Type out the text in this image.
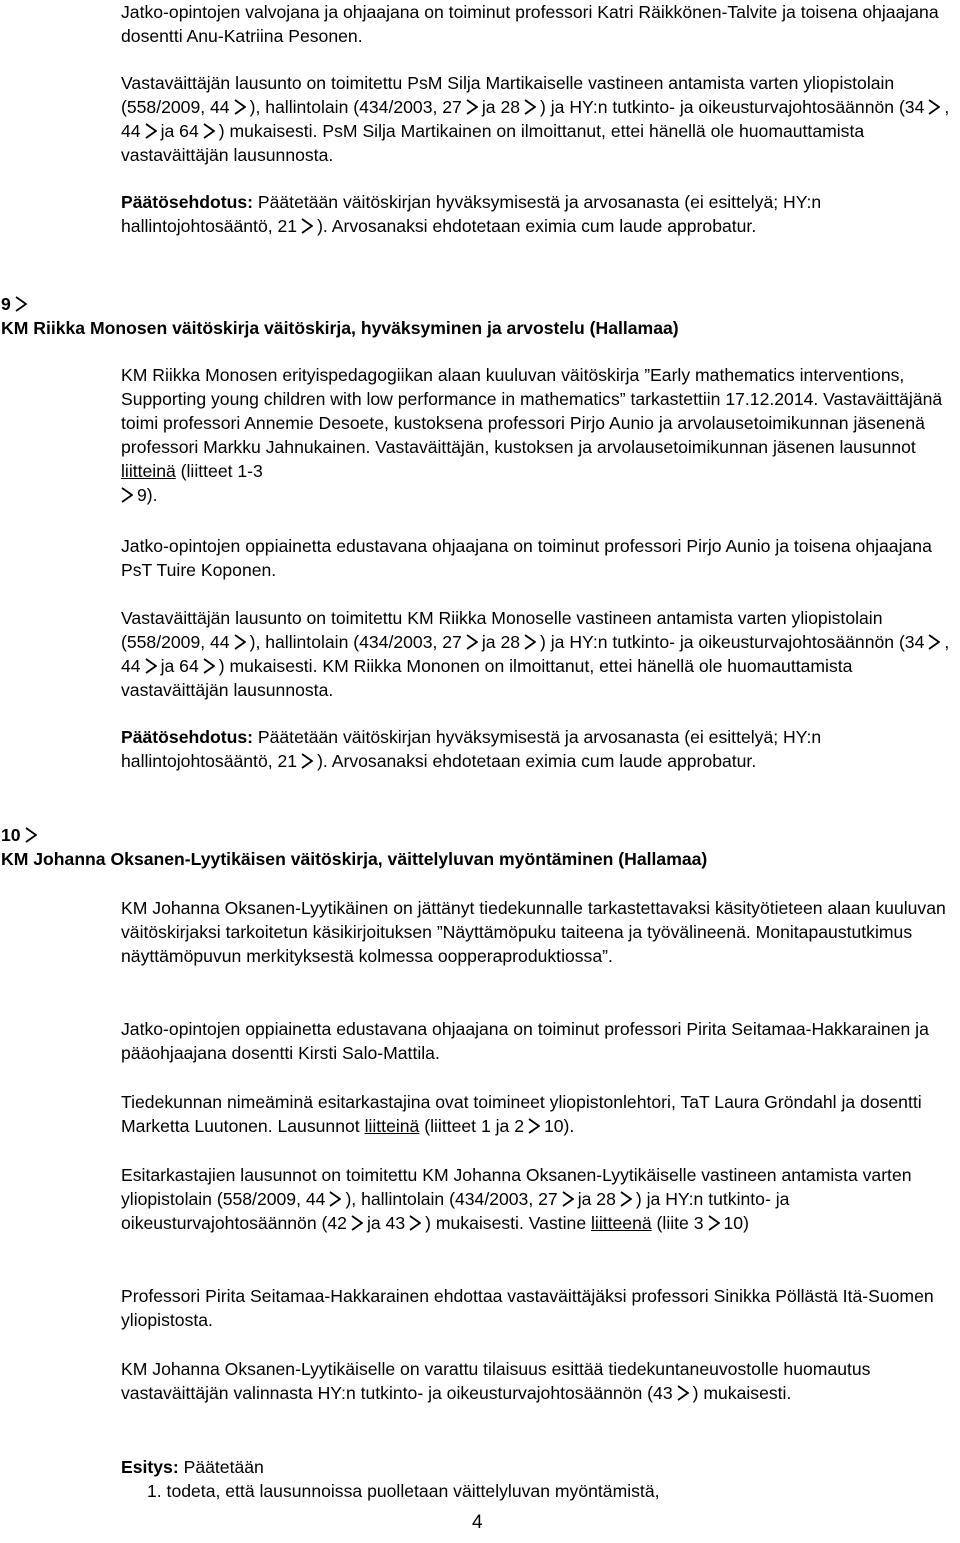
Jatko-opintojen valvojana ja ohjaajana on toiminut professori Katri Räikkönen-Talvite ja toisena ohjaajana dosentti Anu-Katriina Pesonen.

Vastaväittäjän lausunto on toimitettu PsM Silja Martikaiselle vastineen antamista varten yliopistolain (558/2009, 44 ), hallintolain (434/2003, 27 ja 28 ) ja HY:n tutkinto- ja oikeusturvajohtosäännön (34 , 44 ja 64 ) mukaisesti. PsM Silja Martikainen on ilmoittanut, ettei hänellä ole huomauttamista vastaväittäjän lausunnosta.

Päätösehdotus: Päätetään väitöskirjan hyväksymisestä ja arvosanasta (ei esittelyä; HY:n hallintojohtosääntö, 21 ). Arvosanaksi ehdotetaan eximia cum laude approbatur.

9
KM Riikka Monosen väitöskirja väitöskirja, hyväksyminen ja arvostelu (Hallamaa)

KM Riikka Monosen erityispedagogiikan alaan kuuluvan väitöskirja ”Early mathematics interventions, Supporting young children with low performance in mathematics” tarkastettiin 17.12.2014. Vastaväittäjänä toimi professori Annemie Desoete, kustoksena professori Pirjo Aunio ja arvolausetoimikunnan jäsenenä professori Markku Jahnukainen. Vastaväittäjän, kustoksen ja arvolausetoimikunnan jäsenen lausunnot liitteinä (liitteet 1-3

9).

Jatko-opintojen oppiainetta edustavana ohjaajana on toiminut professori Pirjo Aunio ja toisena ohjaajana PsT Tuire Koponen.

Vastaväittäjän lausunto on toimitettu KM Riikka Monoselle vastineen antamista varten yliopistolain (558/2009, 44 ), hallintolain (434/2003, 27 ja 28 ) ja HY:n tutkinto- ja oikeusturvajohtosäännön (34 , 44 ja 64 ) mukaisesti. KM Riikka Mononen on ilmoittanut, ettei hänellä ole huomauttamista vastaväittäjän lausunnosta.

Päätösehdotus: Päätetään väitöskirjan hyväksymisestä ja arvosanasta (ei esittelyä; HY:n hallintojohtosääntö, 21 ). Arvosanaksi ehdotetaan eximia cum laude approbatur.

10
KM Johanna Oksanen-Lyytikäisen väitöskirja, väittelyluvan myöntäminen (Hallamaa)

KM Johanna Oksanen-Lyytikäinen on jättänyt tiedekunnalle tarkastettavaksi käsityötieteen alaan kuuluvan väitöskirjaksi tarkoitetun käsikirjoituksen ”Näyttämöpuku taiteena ja työvälineenä. Monitapaustutkimus näyttämöpuvun merkityksestä kolmessa oopperaproduktiossa”.

Jatko-opintojen oppiainetta edustavana ohjaajana on toiminut professori Pirita Seitamaa-Hakkarainen ja pääohjaajana dosentti Kirsti Salo-Mattila.

Tiedekunnan nimeäminä esitarkastajina ovat toimineet yliopistonlehtori, TaT Laura Gröndahl ja dosentti Marketta Luutonen. Lausunnot liitteinä (liitteet 1 ja 2 10).

Esitarkastajien lausunnot on toimitettu KM Johanna Oksanen-Lyytikäiselle vastineen antamista varten yliopistolain (558/2009, 44 ), hallintolain (434/2003, 27 ja 28 ) ja HY:n tutkinto- ja oikeusturvajohtosäännön (42 ja 43 ) mukaisesti. Vastine liitteenä (liite 3 10)

Professori Pirita Seitamaa-Hakkarainen ehdottaa vastaväittäjäksi professori Sinikka Pöllästä Itä-Suomen yliopistosta.

KM Johanna Oksanen-Lyytikäiselle on varattu tilaisuus esittää tiedekuntaneuvostolle huomautus vastaväittäjän valinnasta HY:n tutkinto- ja oikeusturvajohtosäännön (43 ) mukaisesti.

Esitys: Päätetään

1. todeta, että lausunnoissa puolletaan väittelyluvan myöntämistä,
4
